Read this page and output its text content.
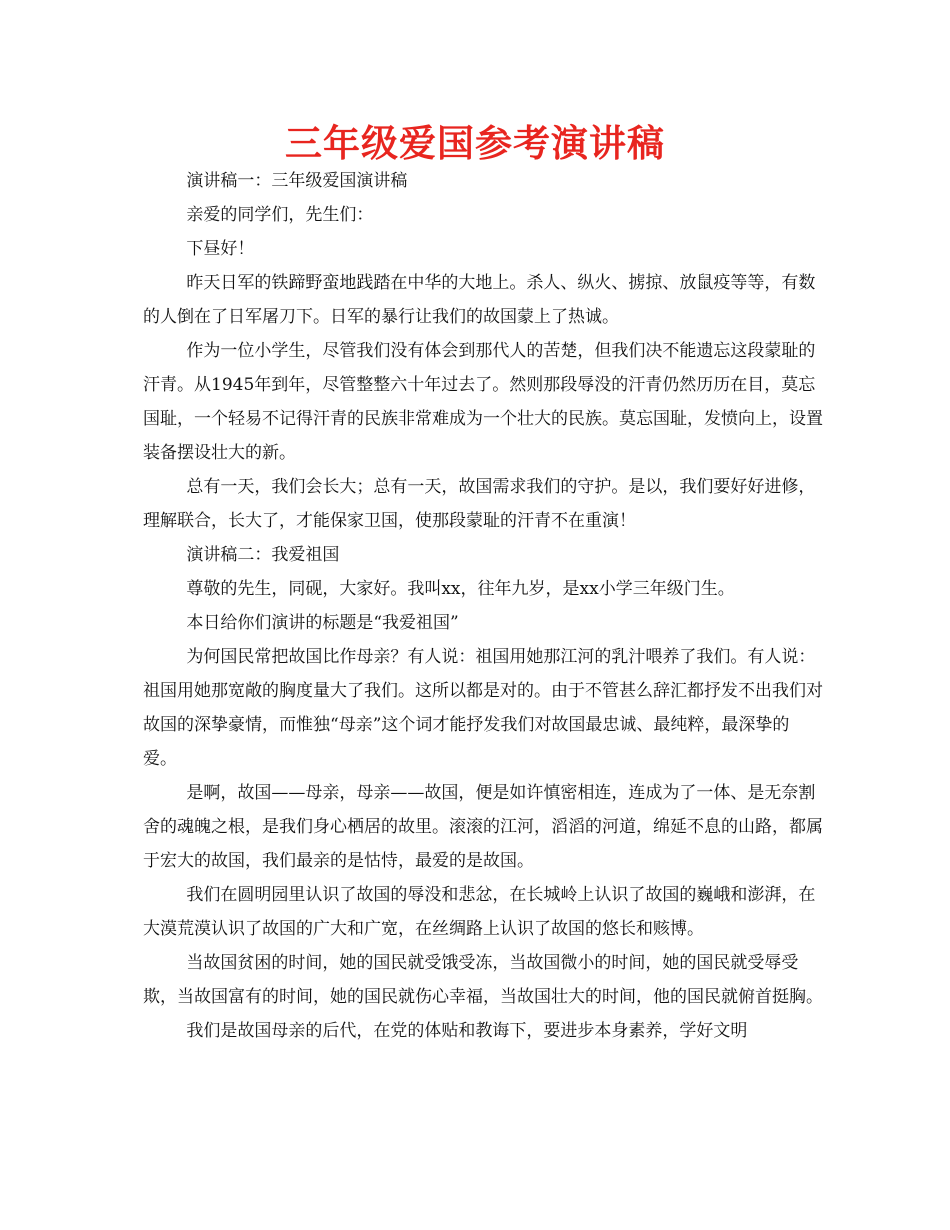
三年级爱国参考演讲稿

演讲稿一：三年级爱国演讲稿

亲爱的同学们，先生们：

下昼好！

昨天日军的铁蹄野蛮地践踏在中华的大地上。杀人、纵火、掳掠、放鼠疫等等，有数的人倒在了日军屠刀下。日军的暴行让我们的故国蒙上了热诚。

作为一位小学生，尽管我们没有体会到那代人的苦楚，但我们决不能遗忘这段蒙耻的汗青。从1945年到年，尽管整整六十年过去了。然则那段辱没的汗青仍然历历在目，莫忘国耻，一个轻易不记得汗青的民族非常难成为一个壮大的民族。莫忘国耻，发愤向上，设置装备摆设壮大的新。

总有一天，我们会长大；总有一天，故国需求我们的守护。是以，我们要好好进修，理解联合，长大了，才能保家卫国，使那段蒙耻的汗青不在重演！

演讲稿二：我爱祖国

尊敬的先生，同砚，大家好。我叫xx，往年九岁，是xx小学三年级门生。

本日给你们演讲的标题是“我爱祖国”

为何国民常把故国比作母亲？有人说：祖国用她那江河的乳汁喂养了我们。有人说：祖国用她那宽敞的胸度量大了我们。这所以都是对的。由于不管甚么辞汇都抒发不出我们对故国的深挚豪情，而惟独“母亲”这个词才能抒发我们对故国最忠诚、最纯粹，最深挚的爱。

是啊，故国——母亲，母亲——故国，便是如许慎密相连，连成为了一体、是无奈割舍的魂魄之根，是我们身心栖居的故里。滚滚的江河，滔滔的河道，绵延不息的山路，都属于宏大的故国，我们最亲的是怙恃，最爱的是故国。

我们在圆明园里认识了故国的辱没和悲忿，在长城岭上认识了故国的巍峨和澎湃，在大漠荒漠认识了故国的广大和广宽，在丝绸路上认识了故国的悠长和赅博。

当故国贫困的时间，她的国民就受饿受冻，当故国微小的时间，她的国民就受辱受欺，当故国富有的时间，她的国民就伤心幸福，当故国壮大的时间，他的国民就俯首挺胸。

我们是故国母亲的后代，在党的体贴和教诲下，要进步本身素养，学好文明
